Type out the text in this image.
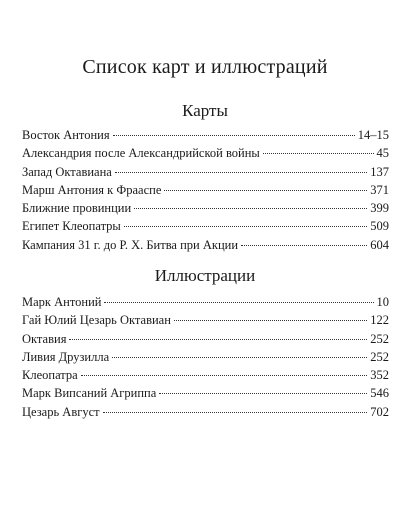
Список карт и иллюстраций
Карты
Восток Антония	14–15
Александрия после Александрийской войны	45
Запад Октавиана	137
Марш Антония к Фраaспе	371
Ближние провинции	399
Египет Клеопатры	509
Кампания 31 г. до Р. Х. Битва при Акции	604
Иллюстрации
Марк Антоний	10
Гай Юлий Цезарь Октавиан	122
Октавия	252
Ливия Друзилла	252
Клеопатра	352
Марк Випсаний Агриппа	546
Цезарь Август	702
